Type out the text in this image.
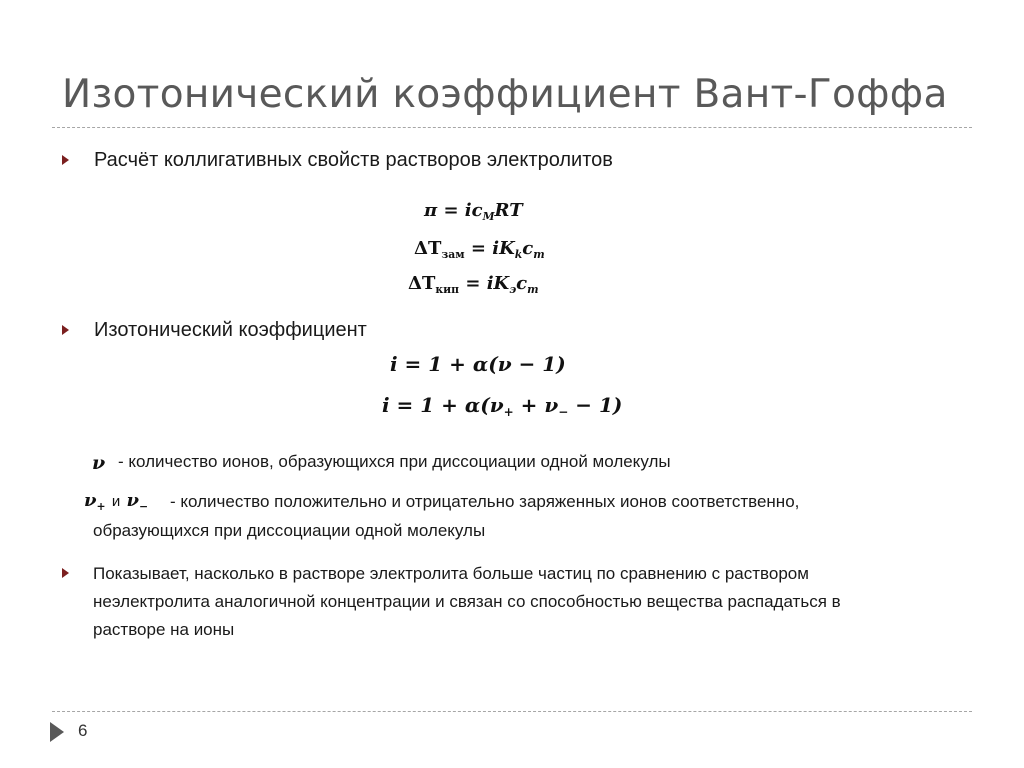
Изотонический коэффициент Вант-Гоффа
Расчёт коллигативных свойств растворов электролитов
$\pi = ic_MRT$
$\Delta T_{зам} = iK_kc_m$
$\Delta T_{кип} = iK_эc_m$
Изотонический коэффициент
i = 1 + α(ν − 1)
$i = 1 + \alpha(\nu_+ + \nu_- - 1)$
ν - количество ионов, образующихся при диссоциации одной молекулы
$\nu_+$ и $\nu_-$ - количество положительно и отрицательно заряженных ионов соответственно,
образующихся при диссоциации одной молекулы
Показывает, насколько в растворе электролита больше частиц по сравнению с раствором неэлектролита аналогичной концентрации и связан со способностью вещества распадаться в растворе на ионы
6
